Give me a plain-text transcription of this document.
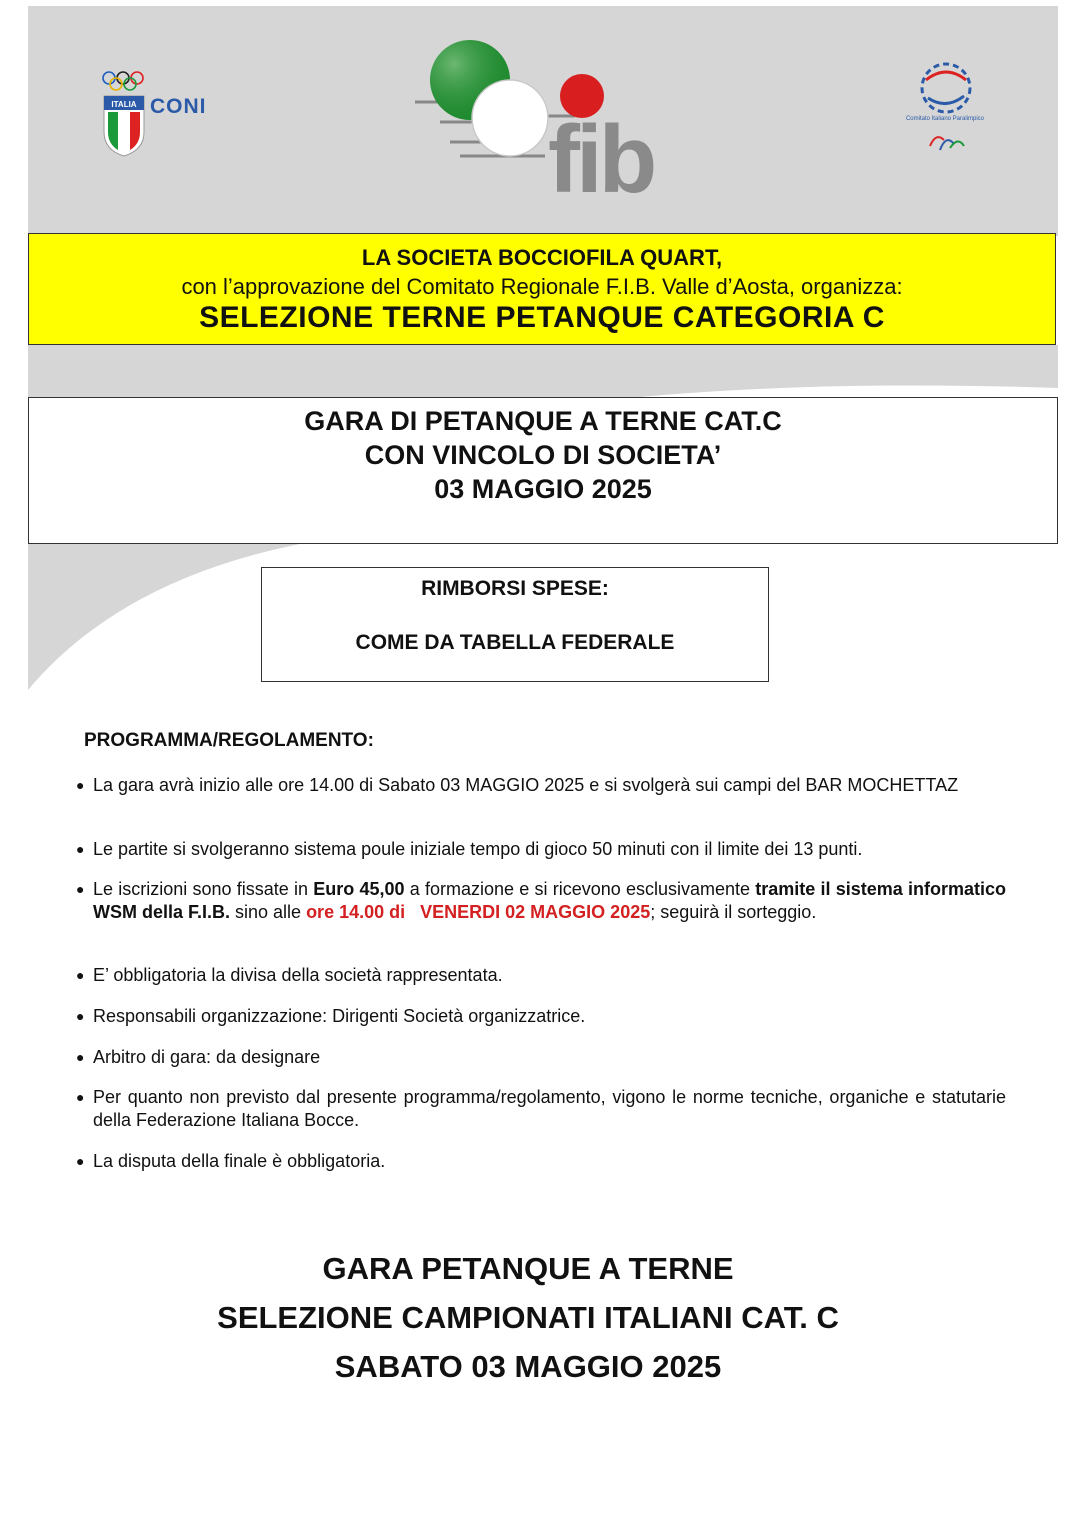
CONI
ITALIA
fib	Comitato Italiano Paralimpico
LA SOCIETA BOCCIOFILA QUART,
con l’approvazione del Comitato Regionale F.I.B. Valle d’Aosta, organizza:
SELEZIONE TERNE PETANQUE CATEGORIA C
GARA DI PETANQUE A TERNE CAT.C
CON VINCOLO DI SOCIETA’
03 MAGGIO 2025
RIMBORSI SPESE:
COME DA TABELLA FEDERALE
PROGRAMMA/REGOLAMENTO:
● La gara avrà inizio alle ore 14.00 di Sabato 03 MAGGIO 2025 e si svolgerà sui campi del BAR MOCHETTAZ
● Le partite si svolgeranno sistema poule iniziale tempo di gioco 50 minuti con il limite dei 13 punti.
● Le iscrizioni sono fissate in Euro 45,00 a formazione e si ricevono esclusivamente tramite il sistema informatico WSM della F.I.B. sino alle ore 14.00 di VENERDI 02 MAGGIO 2025; seguirà il sorteggio.
● E’ obbligatoria la divisa della società rappresentata.
● Responsabili organizzazione: Dirigenti Società organizzatrice.
● Arbitro di gara: da designare
● Per quanto non previsto dal presente programma/regolamento, vigono le norme tecniche, organiche e statutarie della Federazione Italiana Bocce.
● La disputa della finale è obbligatoria.
GARA PETANQUE A TERNE
SELEZIONE CAMPIONATI ITALIANI CAT. C
SABATO 03 MAGGIO 2025
